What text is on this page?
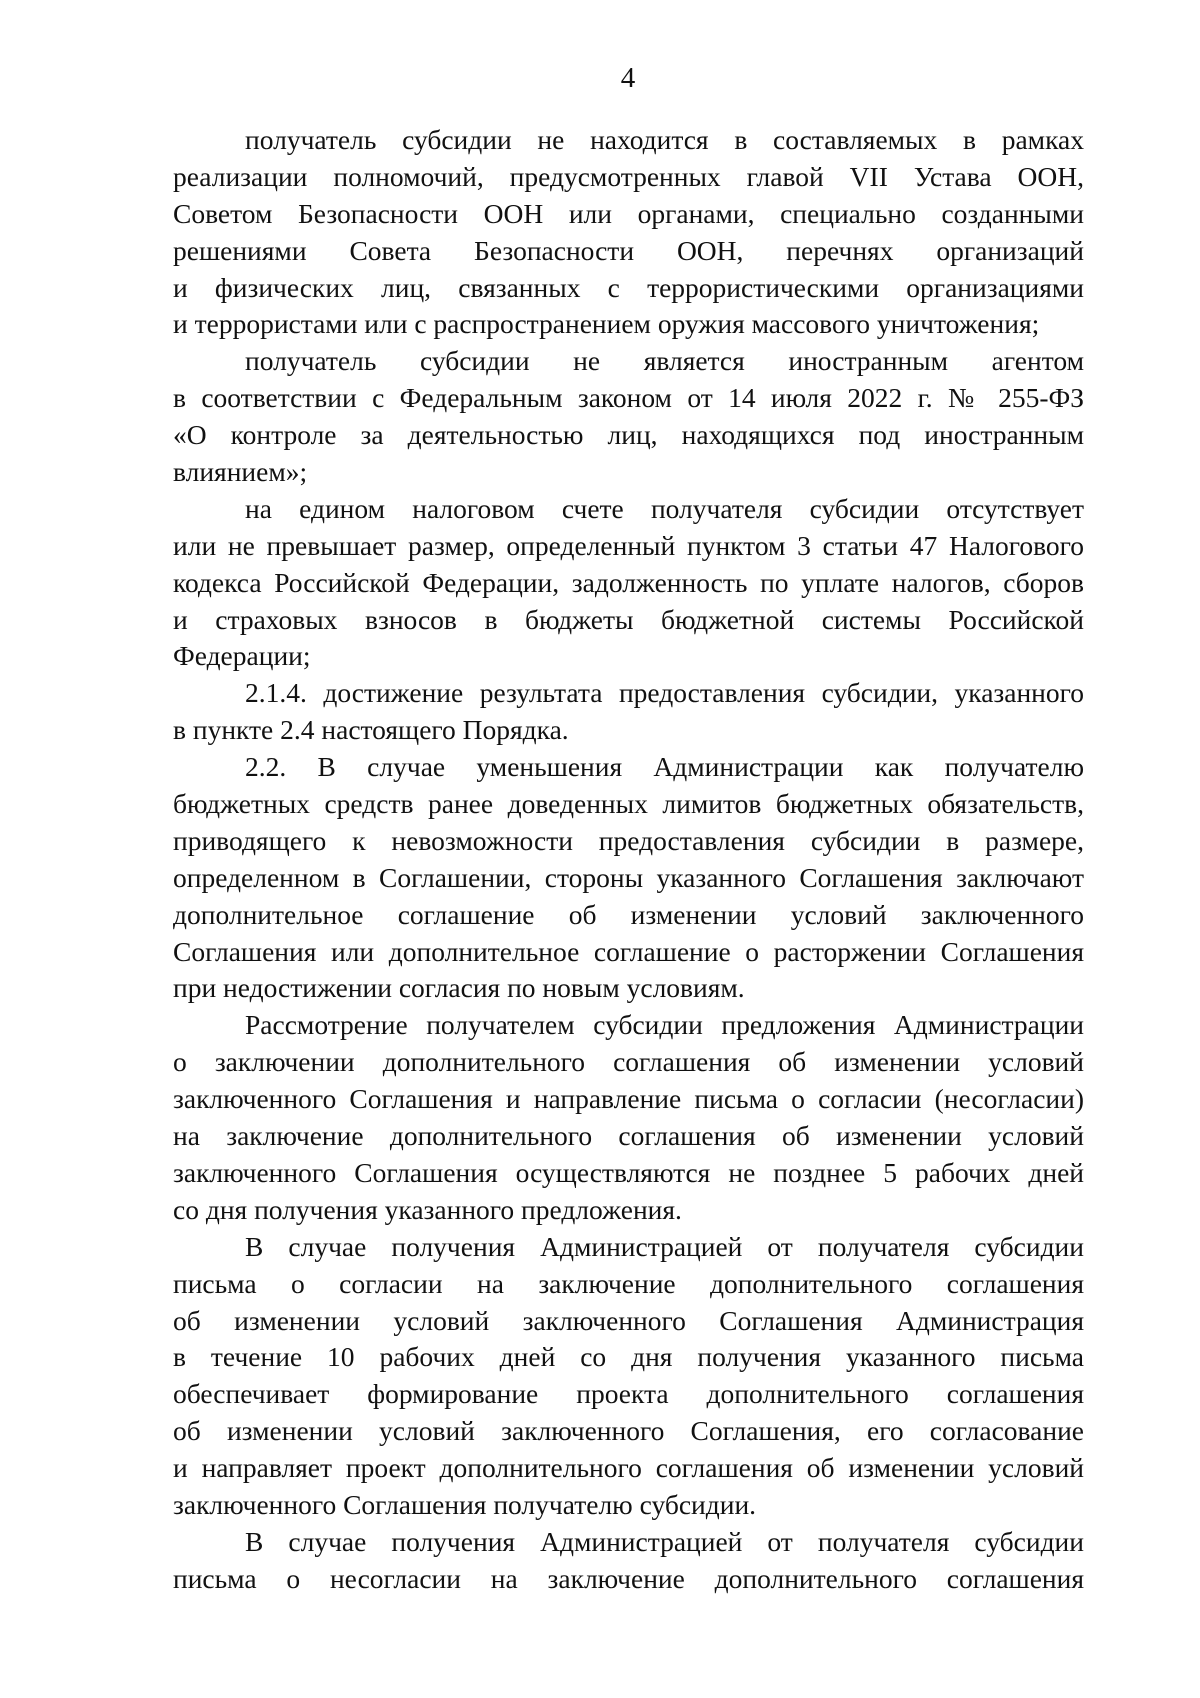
4
получатель субсидии не находится в составляемых в рамках
реализации полномочий, предусмотренных главой VII Устава ООН,
Советом Безопасности ООН или органами, специально созданными
решениями Совета Безопасности ООН, перечнях организаций
и физических лиц, связанных с террористическими организациями
и террористами или с распространением оружия массового уничтожения;
получатель субсидии не является иностранным агентом
в соответствии с Федеральным законом от 14 июля 2022 г. № 255-ФЗ
«О контроле за деятельностью лиц, находящихся под иностранным
влиянием»;
на едином налоговом счете получателя субсидии отсутствует
или не превышает размер, определенный пунктом 3 статьи 47 Налогового
кодекса Российской Федерации, задолженность по уплате налогов, сборов
и страховых взносов в бюджеты бюджетной системы Российской
Федерации;
2.1.4. достижение результата предоставления субсидии, указанного
в пункте 2.4 настоящего Порядка.
2.2. В случае уменьшения Администрации как получателю
бюджетных средств ранее доведенных лимитов бюджетных обязательств,
приводящего к невозможности предоставления субсидии в размере,
определенном в Соглашении, стороны указанного Соглашения заключают
дополнительное соглашение об изменении условий заключенного
Соглашения или дополнительное соглашение о расторжении Соглашения
при недостижении согласия по новым условиям.
Рассмотрение получателем субсидии предложения Администрации
о заключении дополнительного соглашения об изменении условий
заключенного Соглашения и направление письма о согласии (несогласии)
на заключение дополнительного соглашения об изменении условий
заключенного Соглашения осуществляются не позднее 5 рабочих дней
со дня получения указанного предложения.
В случае получения Администрацией от получателя субсидии
письма о согласии на заключение дополнительного соглашения
об изменении условий заключенного Соглашения Администрация
в течение 10 рабочих дней со дня получения указанного письма
обеспечивает формирование проекта дополнительного соглашения
об изменении условий заключенного Соглашения, его согласование
и направляет проект дополнительного соглашения об изменении условий
заключенного Соглашения получателю субсидии.
В случае получения Администрацией от получателя субсидии
письма о несогласии на заключение дополнительного соглашения
